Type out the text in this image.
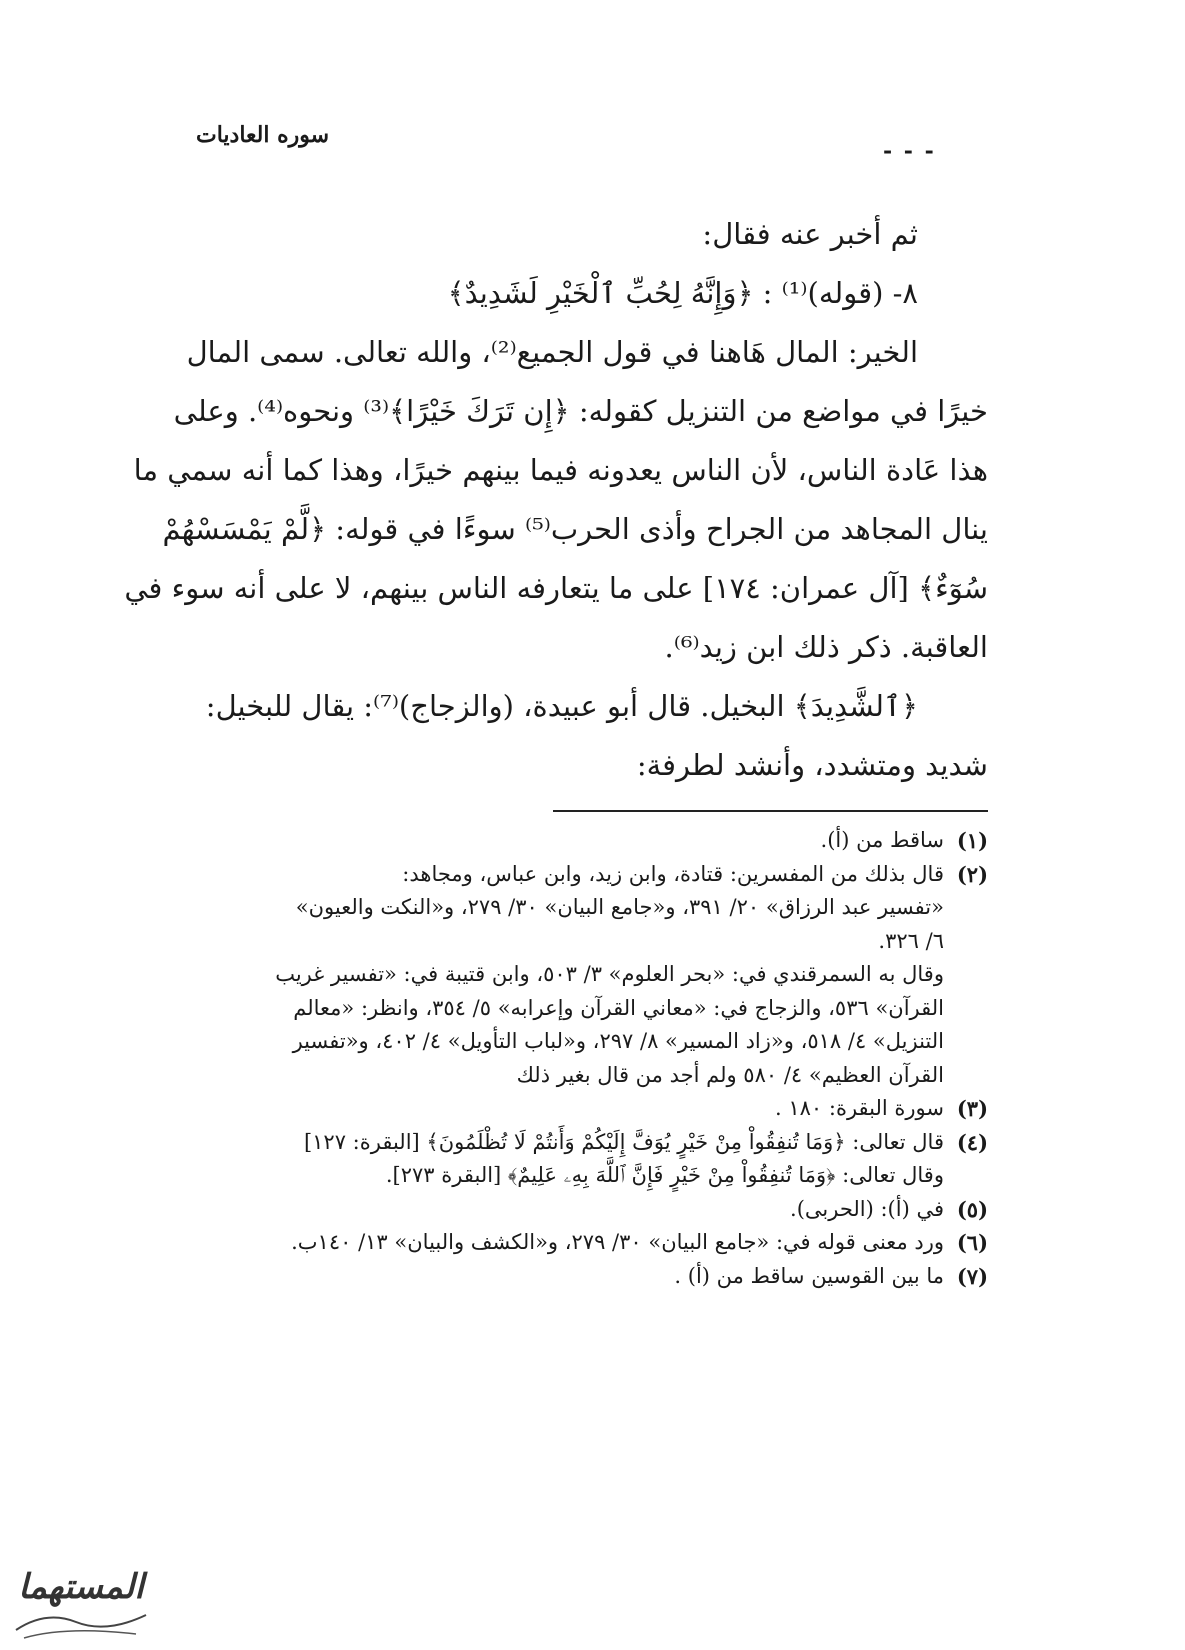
سوره العاديات
- - -
ثم أخبر عنه فقال:
٨- (قوله)⁽¹⁾ : ﴿وَإِنَّهُ لِحُبِّ ٱلْخَيْرِ لَشَدِيدٌ﴾
الخير: المال هَاهنا في قول الجميع⁽²⁾، والله تعالى. سمى المال
خيرًا في مواضع من التنزيل كقوله: ﴿إِن تَرَكَ خَيْرًا﴾⁽³⁾ ونحوه⁽⁴⁾. وعلى
هذا عَادة الناس، لأن الناس يعدونه فيما بينهم خيرًا، وهذا كما أنه سمي ما
ينال المجاهد من الجراح وأذى الحرب⁽⁵⁾ سوءًا في قوله: ﴿لَّمْ يَمْسَسْهُمْ
سُوٓءٌ﴾ [آل عمران: ١٧٤] على ما يتعارفه الناس بينهم، لا على أنه سوء في
العاقبة. ذكر ذلك ابن زيد⁽⁶⁾.
﴿ٱلشَّدِيدَ﴾ البخيل. قال أبو عبيدة، (والزجاج)⁽⁷⁾: يقال للبخيل:
شديد ومتشدد، وأنشد لطرفة:
(١)
ساقط من (أ).
(٢)
قال بذلك من المفسرين: قتادة، وابن زيد، وابن عباس، ومجاهد:
«تفسير عبد الرزاق» ٢٠/ ٣٩١، و«جامع البيان» ٣٠/ ٢٧٩، و«النكت والعيون»
٦/ ٣٢٦.
وقال به السمرقندي في: «بحر العلوم» ٣/ ٥٠٣، وابن قتيبة في: «تفسير غريب
القرآن» ٥٣٦، والزجاج في: «معاني القرآن وإعرابه» ٥/ ٣٥٤، وانظر: «معالم
التنزيل» ٤/ ٥١٨، و«زاد المسير» ٨/ ٢٩٧، و«لباب التأويل» ٤/ ٤٠٢، و«تفسير
القرآن العظيم» ٤/ ٥٨٠ ولم أجد من قال بغير ذلك
(٣)
سورة البقرة: ١٨٠ .
(٤)
قال تعالى: ﴿وَمَا تُنفِقُواْ مِنْ خَيْرٍ يُوَفَّ إِلَيْكُمْ وَأَنتُمْ لَا تُظْلَمُونَ﴾ [البقرة: ١٢٧]
وقال تعالى: ﴿وَمَا تُنفِقُواْ مِنْ خَيْرٍ فَإِنَّ ٱللَّهَ بِهِۦ عَلِيمٌ﴾ [البقرة ٢٧٣].
(٥)
في (أ): (الحربى).
(٦)
ورد معنى قوله في: «جامع البيان» ٣٠/ ٢٧٩، و«الكشف والبيان» ١٣/ ١٤٠ب.
(٧)
ما بين القوسين ساقط من (أ) .
المستهما
